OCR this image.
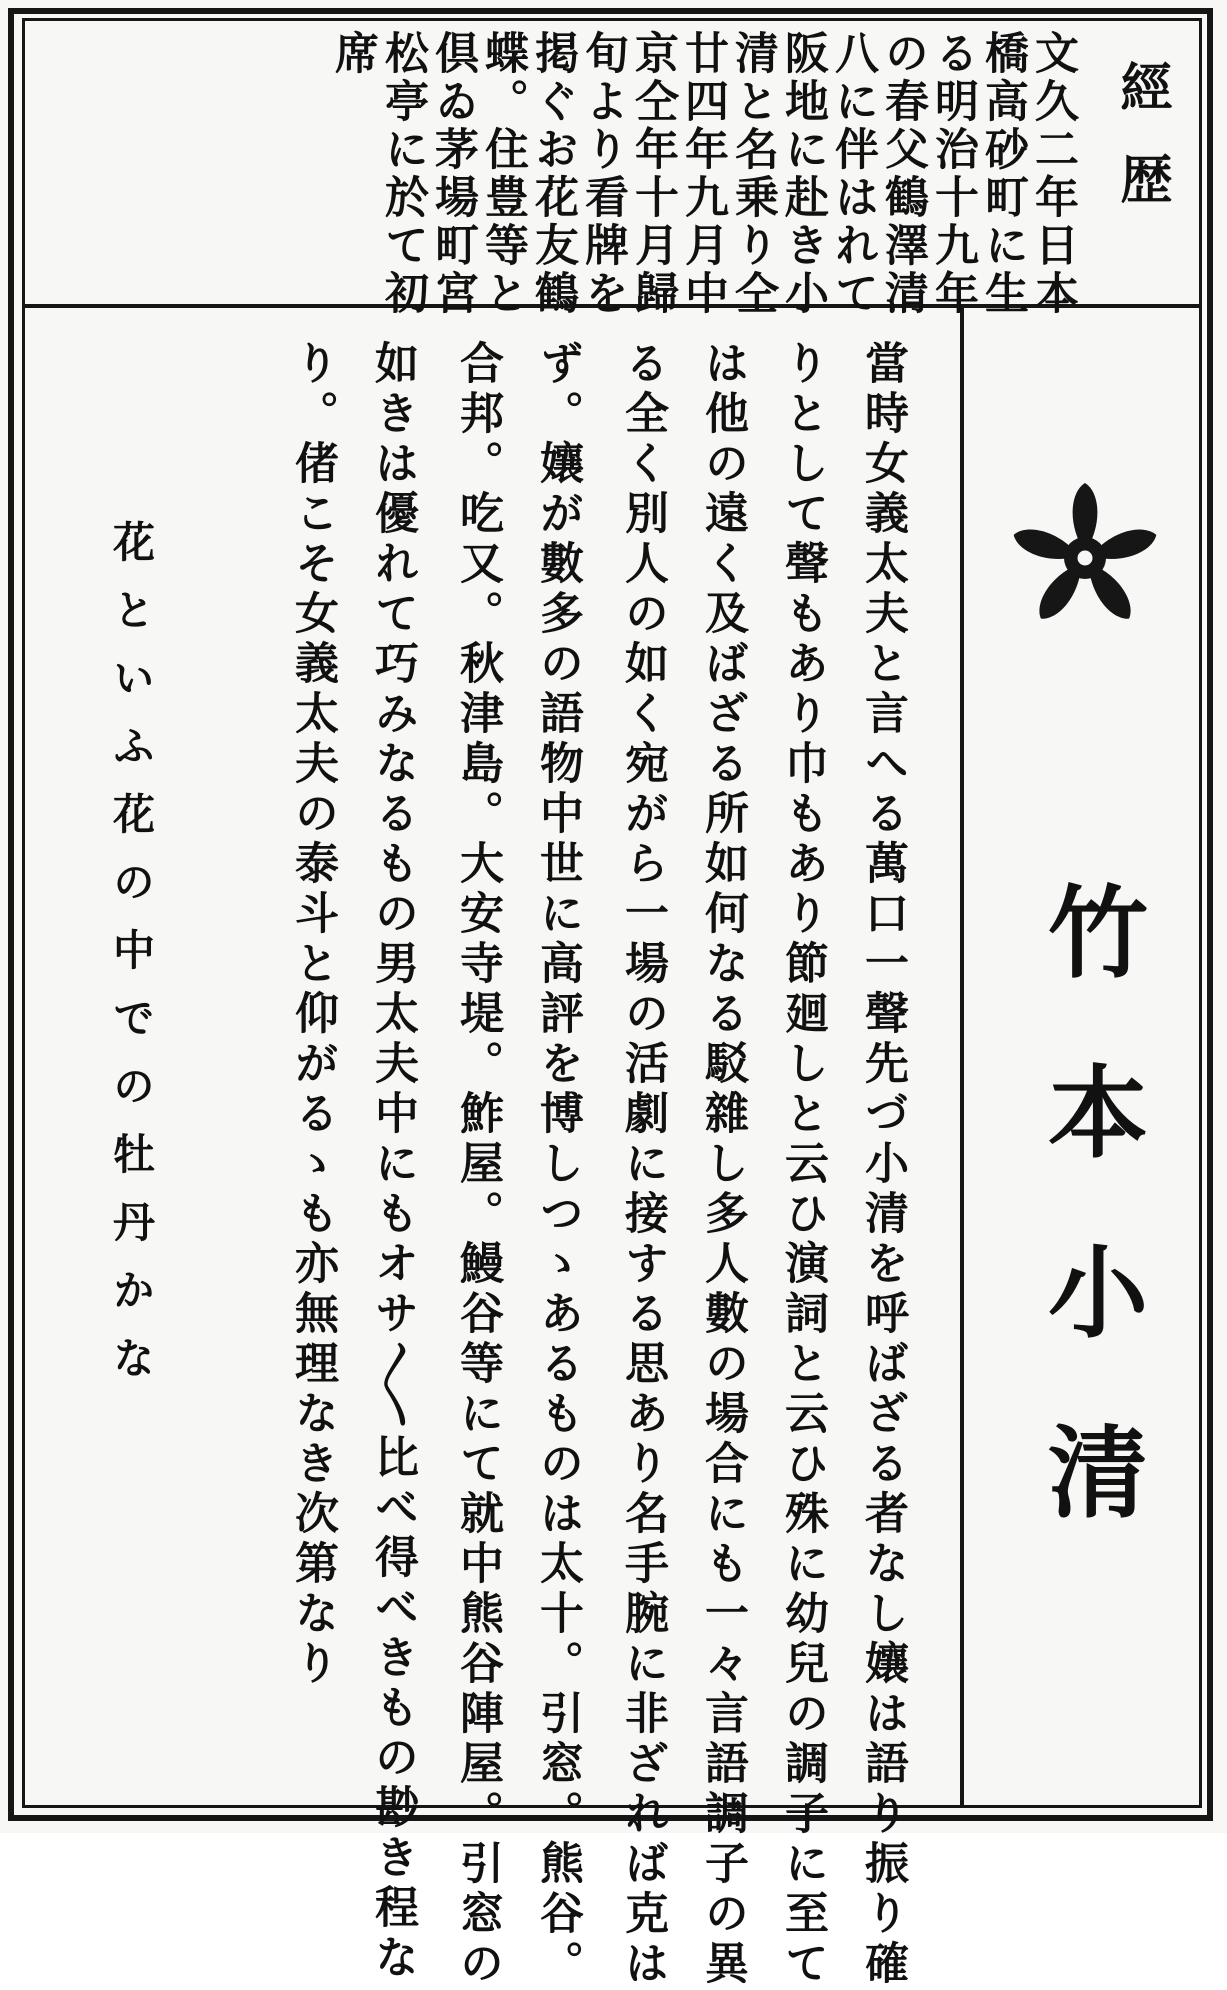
經歴
文久二年日本
橋高砂町に生
る明治十九年
の春父鶴澤清
八に伴はれて
阪地に赴き小
清と名乗り仝
廿四年九月中
京仝年十月歸
旬より看牌を
掲ぐお花友鶴
蝶。住豊等と
倶ゐ茅場町宮
松亭に於て初
席
竹本小清
當時女義太夫と言へる萬口一聲先づ小清を呼ばざる者なし孃は語り振り確
りとして聲もあり巾もあり節廻しと云ひ演詞と云ひ殊に幼兒の調子に至て
は他の遠く及ばざる所如何なる駁雜し多人數の場合にも一々言語調子の異
る全く別人の如く宛がら一場の活劇に接する思あり名手腕に非ざれば克は
ず。孃が數多の語物中世に高評を博しつゝあるものは太十。引窓。熊谷。
合邦。吃又。秋津島。大安寺堤。鮓屋。鰻谷等にて就中熊谷陣屋。引窓の
如きは優れて巧みなるもの男太夫中にもオサ〳〵比べ得べきもの尠き程な
り。偖こそ女義太夫の泰斗と仰がるゝも亦無理なき次第なり
花といふ花の中での牡丹かな
